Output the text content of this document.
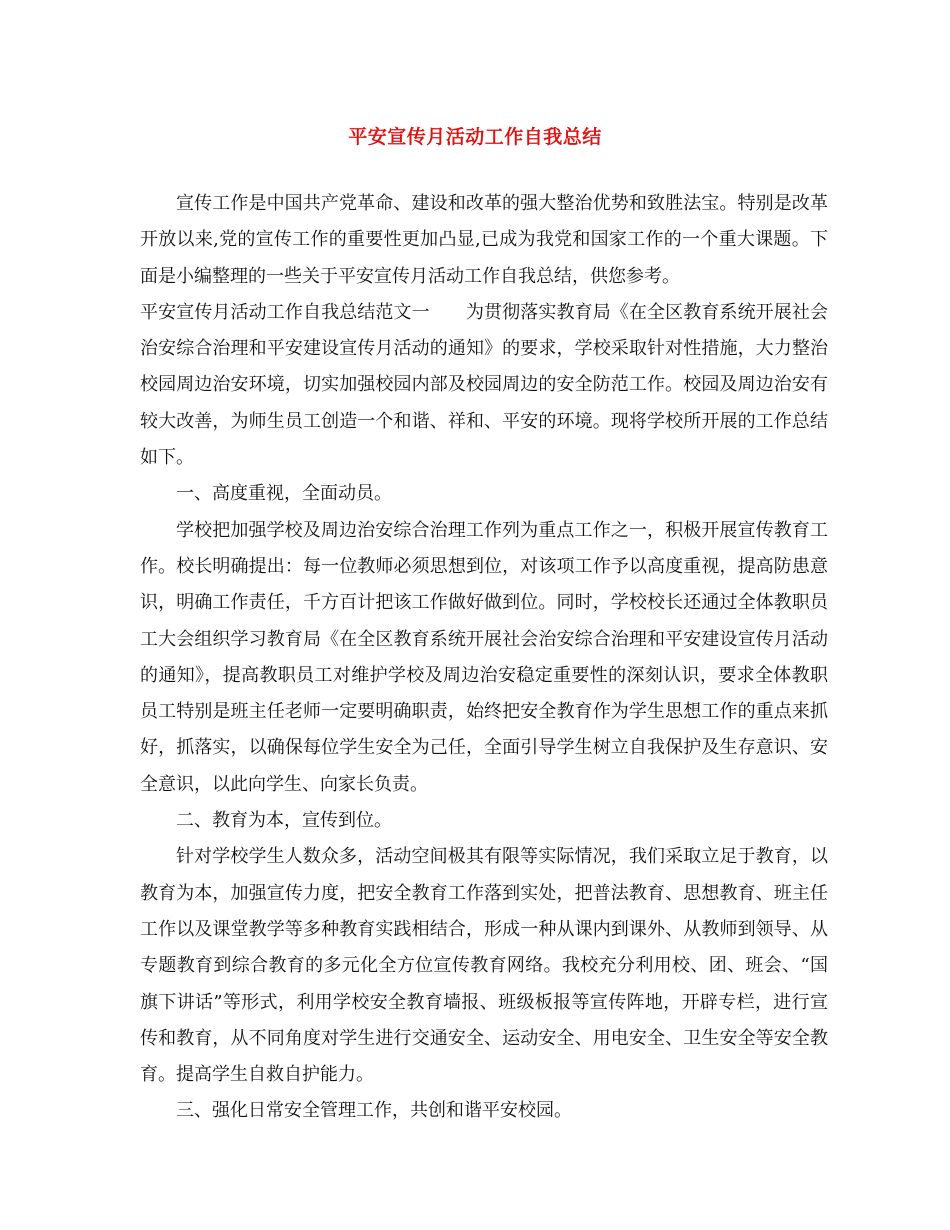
平安宣传月活动工作自我总结

宣传工作是中国共产党革命、建设和改革的强大整治优势和致胜法宝。特别是改革开放以来,党的宣传工作的重要性更加凸显,已成为我党和国家工作的一个重大课题。下面是小编整理的一些关于平安宣传月活动工作自我总结，供您参考。

平安宣传月活动工作自我总结范文一　　为贯彻落实教育局《在全区教育系统开展社会治安综合治理和平安建设宣传月活动的通知》的要求，学校采取针对性措施，大力整治校园周边治安环境，切实加强校园内部及校园周边的安全防范工作。校园及周边治安有较大改善，为师生员工创造一个和谐、祥和、平安的环境。现将学校所开展的工作总结如下。

一、高度重视，全面动员。

学校把加强学校及周边治安综合治理工作列为重点工作之一，积极开展宣传教育工作。校长明确提出：每一位教师必须思想到位，对该项工作予以高度重视，提高防患意识，明确工作责任，千方百计把该工作做好做到位。同时，学校校长还通过全体教职员工大会组织学习教育局《在全区教育系统开展社会治安综合治理和平安建设宣传月活动的通知》，提高教职员工对维护学校及周边治安稳定重要性的深刻认识，要求全体教职员工特别是班主任老师一定要明确职责，始终把安全教育作为学生思想工作的重点来抓好，抓落实，以确保每位学生安全为己任，全面引导学生树立自我保护及生存意识、安全意识，以此向学生、向家长负责。

二、教育为本，宣传到位。

针对学校学生人数众多，活动空间极其有限等实际情况，我们采取立足于教育，以教育为本，加强宣传力度，把安全教育工作落到实处，把普法教育、思想教育、班主任工作以及课堂教学等多种教育实践相结合，形成一种从课内到课外、从教师到领导、从专题教育到综合教育的多元化全方位宣传教育网络。我校充分利用校、团、班会、“国旗下讲话”等形式，利用学校安全教育墙报、班级板报等宣传阵地，开辟专栏，进行宣传和教育，从不同角度对学生进行交通安全、运动安全、用电安全、卫生安全等安全教育。提高学生自救自护能力。

三、强化日常安全管理工作，共创和谐平安校园。
